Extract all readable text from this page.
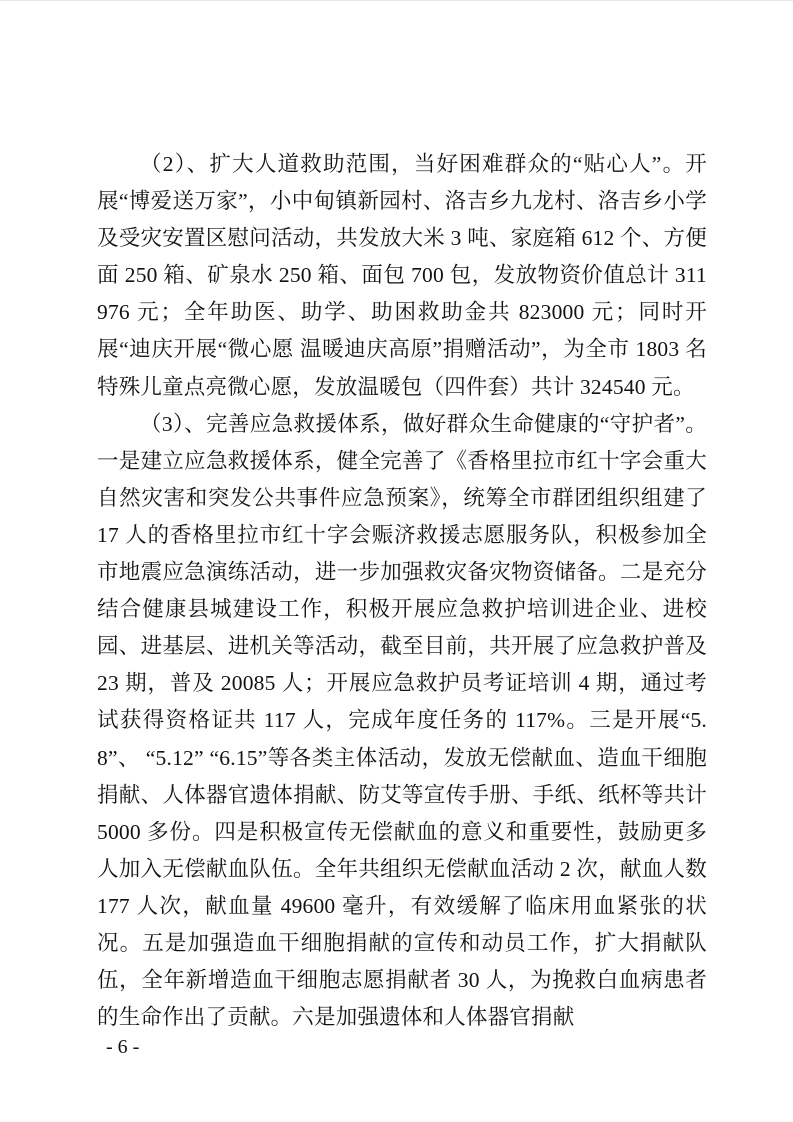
（2）、扩大人道救助范围，当好困难群众的“贴心人”。开展“博爱送万家”，小中甸镇新园村、洛吉乡九龙村、洛吉乡小学及受灾安置区慰问活动，共发放大米 3 吨、家庭箱 612 个、方便面 250 箱、矿泉水 250 箱、面包 700 包，发放物资价值总计 311976 元；全年助医、助学、助困救助金共 823000 元；同时开展“迪庆开展“微心愿 温暖迪庆高原”捐赠活动”，为全市 1803 名特殊儿童点亮微心愿，发放温暖包（四件套）共计 324540 元。

（3）、完善应急救援体系，做好群众生命健康的“守护者”。一是建立应急救援体系，健全完善了《香格里拉市红十字会重大自然灾害和突发公共事件应急预案》，统筹全市群团组织组建了 17 人的香格里拉市红十字会赈济救援志愿服务队，积极参加全市地震应急演练活动，进一步加强救灾备灾物资储备。二是充分结合健康县城建设工作，积极开展应急救护培训进企业、进校园、进基层、进机关等活动，截至目前，共开展了应急救护普及 23 期，普及 20085 人；开展应急救护员考证培训 4 期，通过考试获得资格证共 117 人，完成年度任务的 117%。三是开展“5.8”、 “5.12” “6.15”等各类主体活动，发放无偿献血、造血干细胞捐献、人体器官遗体捐献、防艾等宣传手册、手纸、纸杯等共计 5000 多份。四是积极宣传无偿献血的意义和重要性，鼓励更多人加入无偿献血队伍。全年共组织无偿献血活动 2 次，献血人数 177 人次，献血量 49600 毫升，有效缓解了临床用血紧张的状况。五是加强造血干细胞捐献的宣传和动员工作，扩大捐献队伍，全年新增造血干细胞志愿捐献者 30 人，为挽救白血病患者的生命作出了贡献。六是加强遗体和人体器官捐献

- 6 -
